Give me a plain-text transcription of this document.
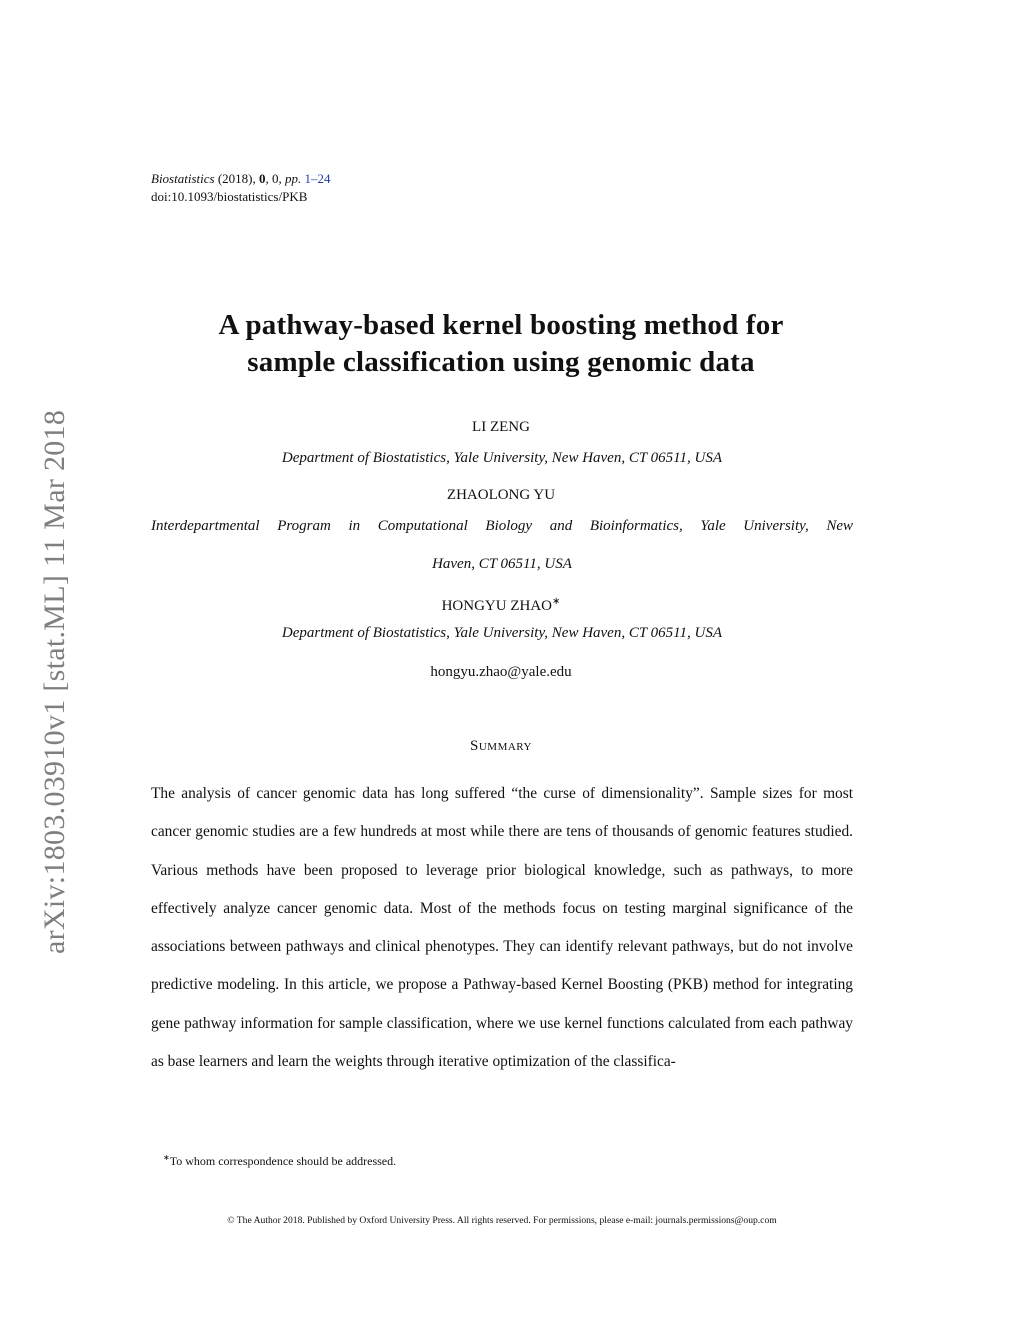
arXiv:1803.03910v1 [stat.ML] 11 Mar 2018
Biostatistics (2018), 0, 0, pp. 1–24
doi:10.1093/biostatistics/PKB
A pathway-based kernel boosting method for
sample classification using genomic data
LI ZENG
Department of Biostatistics, Yale University, New Haven, CT 06511, USA
ZHAOLONG YU
Interdepartmental Program in Computational Biology and Bioinformatics, Yale University, New
Haven, CT 06511, USA
HONGYU ZHAO∗
Department of Biostatistics, Yale University, New Haven, CT 06511, USA
hongyu.zhao@yale.edu
Summary
The analysis of cancer genomic data has long suffered “the curse of dimensionality”. Sample sizes for most cancer genomic studies are a few hundreds at most while there are tens of thousands of genomic features studied. Various methods have been proposed to leverage prior biological knowledge, such as pathways, to more effectively analyze cancer genomic data. Most of the methods focus on testing marginal significance of the associations between pathways and clinical phenotypes. They can identify relevant pathways, but do not involve predictive modeling. In this article, we propose a Pathway-based Kernel Boosting (PKB) method for integrating gene pathway information for sample classification, where we use kernel functions calculated from each pathway as base learners and learn the weights through iterative optimization of the classifica-
∗To whom correspondence should be addressed.
© The Author 2018. Published by Oxford University Press. All rights reserved. For permissions, please e-mail: journals.permissions@oup.com
